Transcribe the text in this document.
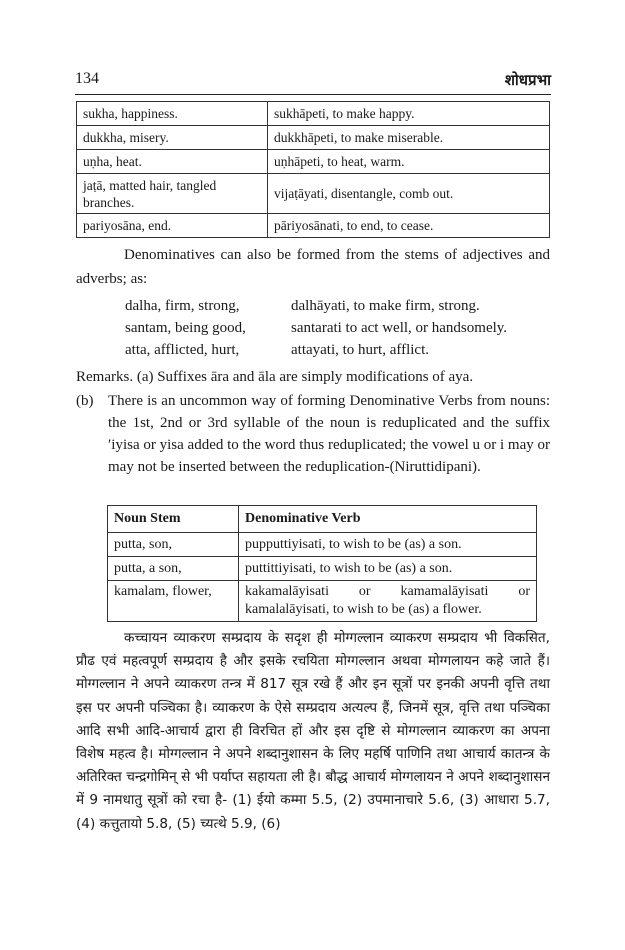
134	शोधप्रभा
sukha, happiness.	sukhāpeti, to make happy.
dukkha, misery.	dukkhāpeti, to make miserable.
uṇha, heat.	uṇhāpeti, to heat, warm.
jaṭā, matted hair, tangled branches.	vijaṭāyati, disentangle, comb out.
pariyosāna, end.	pāriyosānati, to end, to cease.
Denominatives can also be formed from the stems of adjectives and adverbs; as:
dalha, firm, strong,	dalhāyati, to make firm, strong.
santam, being good,	santarati to act well, or handsomely.
atta, afflicted, hurt,	attayati, to hurt, afflict.
Remarks. (a) Suffixes āra and āla are simply modifications of aya.
(b) There is an uncommon way of forming Denominative Verbs from nouns: the 1st, 2nd or 3rd syllable of the noun is reduplicated and the suffix ′iyisa or yisa added to the word thus reduplicated; the vowel u or i may or may not be inserted between the reduplication-(Niruttidipani).
Noun Stem	Denominative Verb
putta, son,	pupputtiyisati, to wish to be (as) a son.
putta, a son,	puttittiyisati, to wish to be (as) a son.
kamalam, flower,	kakamalāyisati or kamamalāyisati or kamalalāyisati, to wish to be (as) a flower.
कच्चायन व्याकरण सम्प्रदाय के सदृश ही मोग्गल्लान व्याकरण सम्प्रदाय भी विकसित, प्रौढ एवं महत्वपूर्ण सम्प्रदाय है और इसके रचयिता मोग्गल्लान अथवा मोग्गलायन कहे जाते हैं। मोग्गल्लान ने अपने व्याकरण तन्त्र में 817 सूत्र रखे हैं और इन सूत्रों पर इनकी अपनी वृत्ति तथा इस पर अपनी पञ्चिका है। व्याकरण के ऐसे सम्प्रदाय अत्यल्प हैं, जिनमें सूत्र, वृत्ति तथा पञ्चिका आदि सभी आदि-आचार्य द्वारा ही विरचित हों और इस दृष्टि से मोग्गल्लान व्याकरण का अपना विशेष महत्व है। मोग्गल्लान ने अपने शब्दानुशासन के लिए महर्षि पाणिनि तथा आचार्य कातन्त्र के अतिरिक्त चन्द्रगोमिन् से भी पर्याप्त सहायता ली है। बौद्ध आचार्य मोग्गलायन ने अपने शब्दानुशासन में 9 नामधातु सूत्रों को रचा है- (1) ईयो कम्मा 5.5, (2) उपमानाचारे 5.6, (3) आधारा 5.7, (4) कत्तुतायो 5.8, (5) च्यत्थे 5.9, (6)
